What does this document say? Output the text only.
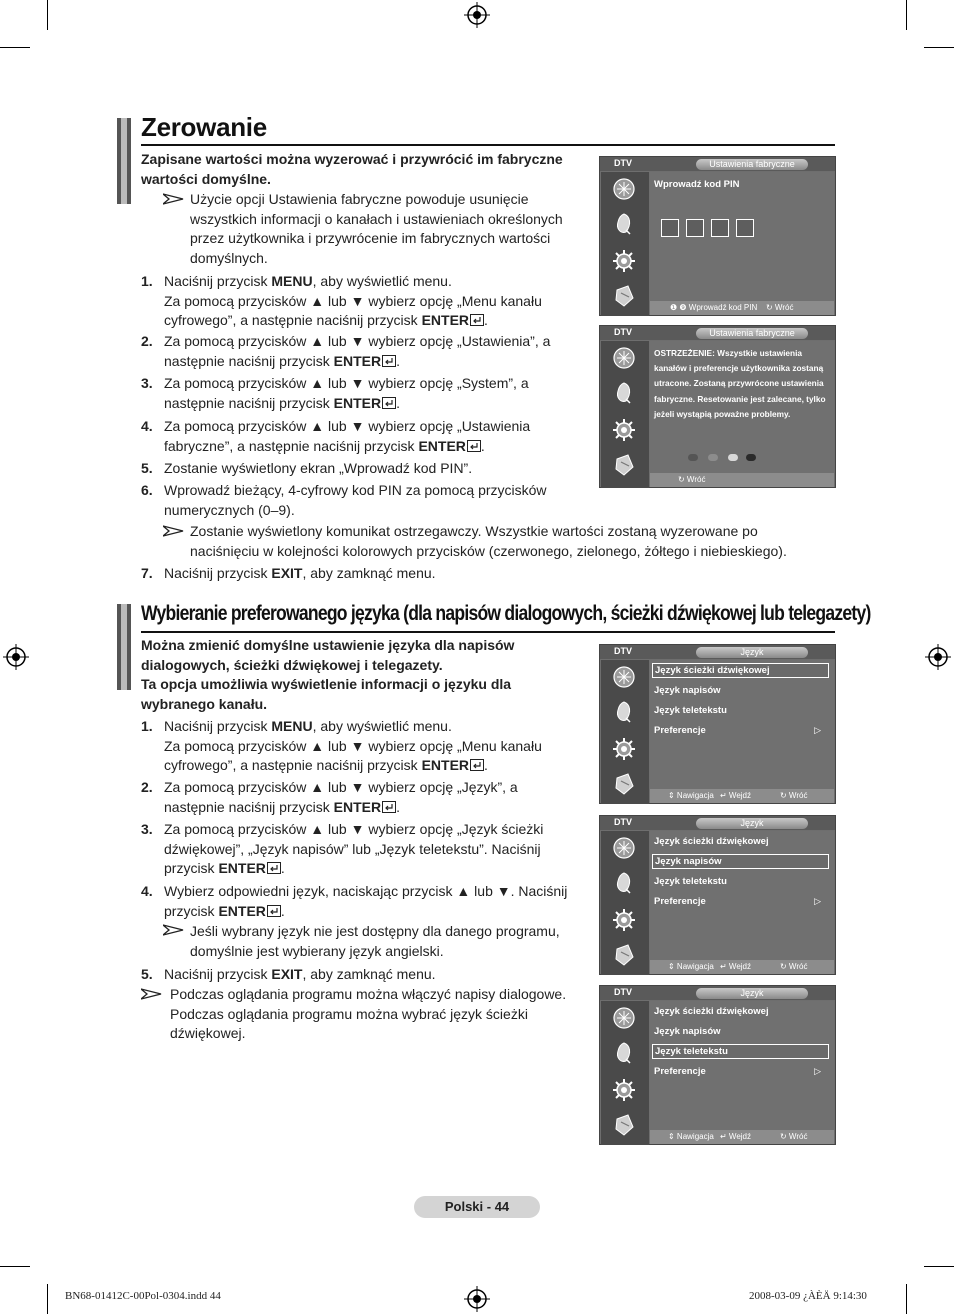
Zerowanie
Zapisane wartości można wyzerować i przywrócić im fabryczne wartości domyślne.
Użycie opcji Ustawienia fabryczne powoduje usunięcie
wszystkich informacji o kanałach i ustawieniach określonych
przez użytkownika i przywrócenie im fabrycznych wartości
domyślnych.
1. Naciśnij przycisk MENU, aby wyświetlić menu.
Za pomocą przycisków ▲ lub ▼ wybierz opcję „Menu kanału
cyfrowego”, a następnie naciśnij przycisk ENTER .
2. Za pomocą przycisków ▲ lub ▼ wybierz opcję „Ustawienia”, a
następnie naciśnij przycisk ENTER .
3. Za pomocą przycisków ▲ lub ▼ wybierz opcję „System”, a
następnie naciśnij przycisk ENTER .
4. Za pomocą przycisków ▲ lub ▼ wybierz opcję „Ustawienia
fabryczne”, a następnie naciśnij przycisk ENTER .
5. Zostanie wyświetlony ekran „Wprowadź kod PIN”.
6. Wprowadź bieżący, 4-cyfrowy kod PIN za pomocą przycisków
numerycznych (0–9).
7. Naciśnij przycisk EXIT, aby zamknąć menu.
Zostanie wyświetlony komunikat ostrzegawczy. Wszystkie wartości zostaną wyzerowane po
naciśnięciu w kolejności kolorowych przycisków (czerwonego, zielonego, żółtego i niebieskiego).
Wybieranie preferowanego języka (dla napisów dialogowych, ścieżki dźwiękowej lub telegazety)
Można zmienić domyślne ustawienie języka dla napisów
dialogowych, ścieżki dźwiękowej i telegazety.
Ta opcja umożliwia wyświetlenie informacji o języku dla
wybranego kanału.
1. Naciśnij przycisk MENU, aby wyświetlić menu.
Za pomocą przycisków ▲ lub ▼ wybierz opcję „Menu kanału
cyfrowego”, a następnie naciśnij przycisk ENTER .
2. Za pomocą przycisków ▲ lub ▼ wybierz opcję „Język”, a
następnie naciśnij przycisk ENTER .
3. Za pomocą przycisków ▲ lub ▼ wybierz opcję „Język ścieżki
dźwiękowej”, „Język napisów” lub „Język teletekstu”. Naciśnij
przycisk ENTER .
4. Wybierz odpowiedni język, naciskając przycisk ▲ lub ▼. Naciśnij
przycisk ENTER .
5. Naciśnij przycisk EXIT, aby zamknąć menu.
Jeśli wybrany język nie jest dostępny dla danego programu,
domyślnie jest wybierany język angielski.
Podczas oglądania programu można włączyć napisy dialogowe.
Podczas oglądania programu można wybrać język ścieżki
dźwiękowej.
DTV	Ustawienia fabryczne
Wprowadź kod PIN
❶ ❾ Wprowadź kod PIN ↻ Wróć
DTV	Ustawienia fabryczne
OSTRZEŻENIE: Wszystkie ustawienia kanałów i preferencje użytkownika zostaną utracone. Zostaną przywrócone ustawienia fabryczne. Resetowanie jest zalecane, tylko jeżeli wystąpią poważne problemy.
↻ Wróć
DTV	Język
Język ścieżki dźwiękowej
Język napisów
Język teletekstu
Preferencje	▷
⇕ Nawigacja ↵ Wejdź	↻ Wróć
DTV	Język
Język ścieżki dźwiękowej
Język napisów
Język teletekstu
Preferencje	▷
⇕ Nawigacja ↵ Wejdź	↻ Wróć
DTV	Język
Język ścieżki dźwiękowej
Język napisów
Język teletekstu
Preferencje	▷
⇕ Nawigacja ↵ Wejdź	↻ Wróć
Polski - 44
BN68-01412C-00Pol-0304.indd 44	2008-03-09 ¿ÀÈÄ 9:14:30
